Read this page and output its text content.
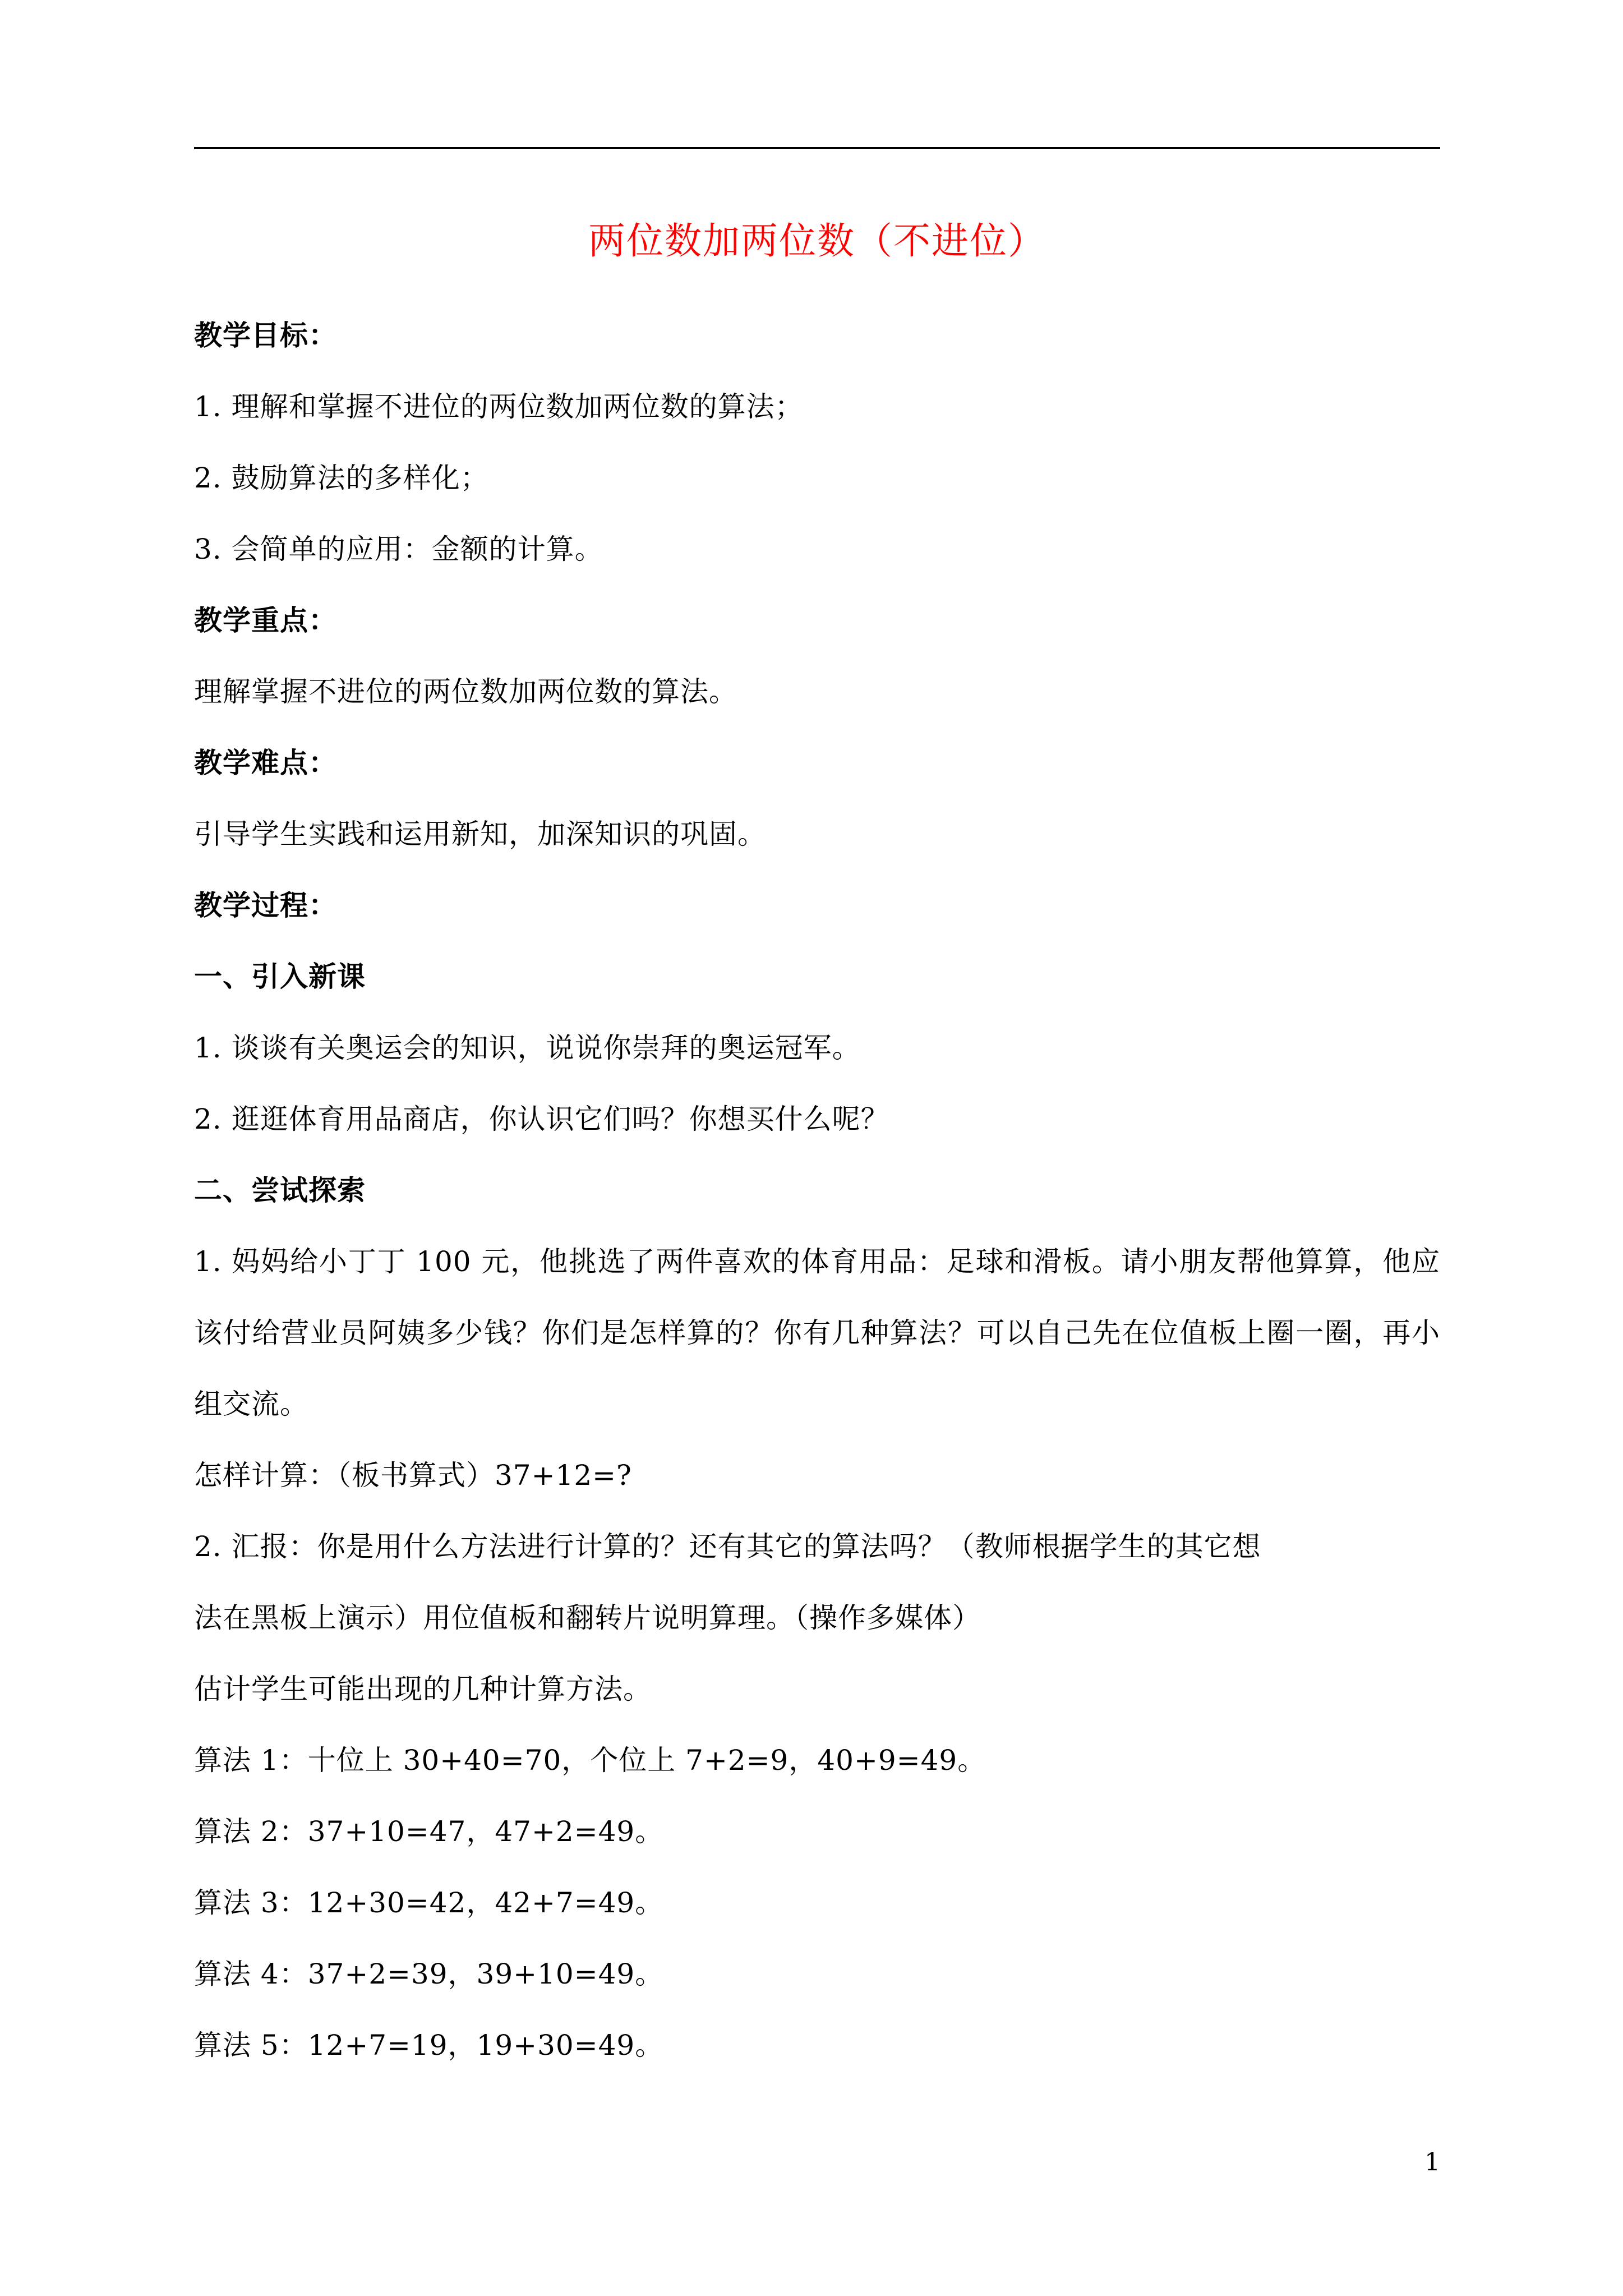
两位数加两位数（不进位）
教学目标：
1. 理解和掌握不进位的两位数加两位数的算法；
2. 鼓励算法的多样化；
3. 会简单的应用：金额的计算。
教学重点：
理解掌握不进位的两位数加两位数的算法。
教学难点：
引导学生实践和运用新知，加深知识的巩固。
教学过程：
一、引入新课
1. 谈谈有关奥运会的知识，说说你崇拜的奥运冠军。
2. 逛逛体育用品商店，你认识它们吗？你想买什么呢？
二、尝试探索

1. 妈妈给小丁丁 100 元，他挑选了两件喜欢的体育用品：足球和滑板。请小朋友帮他算算，他应该付给营业员阿姨多少钱？你们是怎样算的？你有几种算法？可以自己先在位值板上圈一圈，再小组交流。

怎样计算：（板书算式）37+12=?
2. 汇报：你是用什么方法进行计算的？还有其它的算法吗？（教师根据学生的其它想
法在黑板上演示）用位值板和翻转片说明算理。（操作多媒体）
估计学生可能出现的几种计算方法。
算法 1：十位上 30+40=70，个位上 7+2=9，40+9=49。
算法 2：37+10=47，47+2=49。
算法 3：12+30=42，42+7=49。
算法 4：37+2=39，39+10=49。
算法 5：12+7=19，19+30=49。
1
